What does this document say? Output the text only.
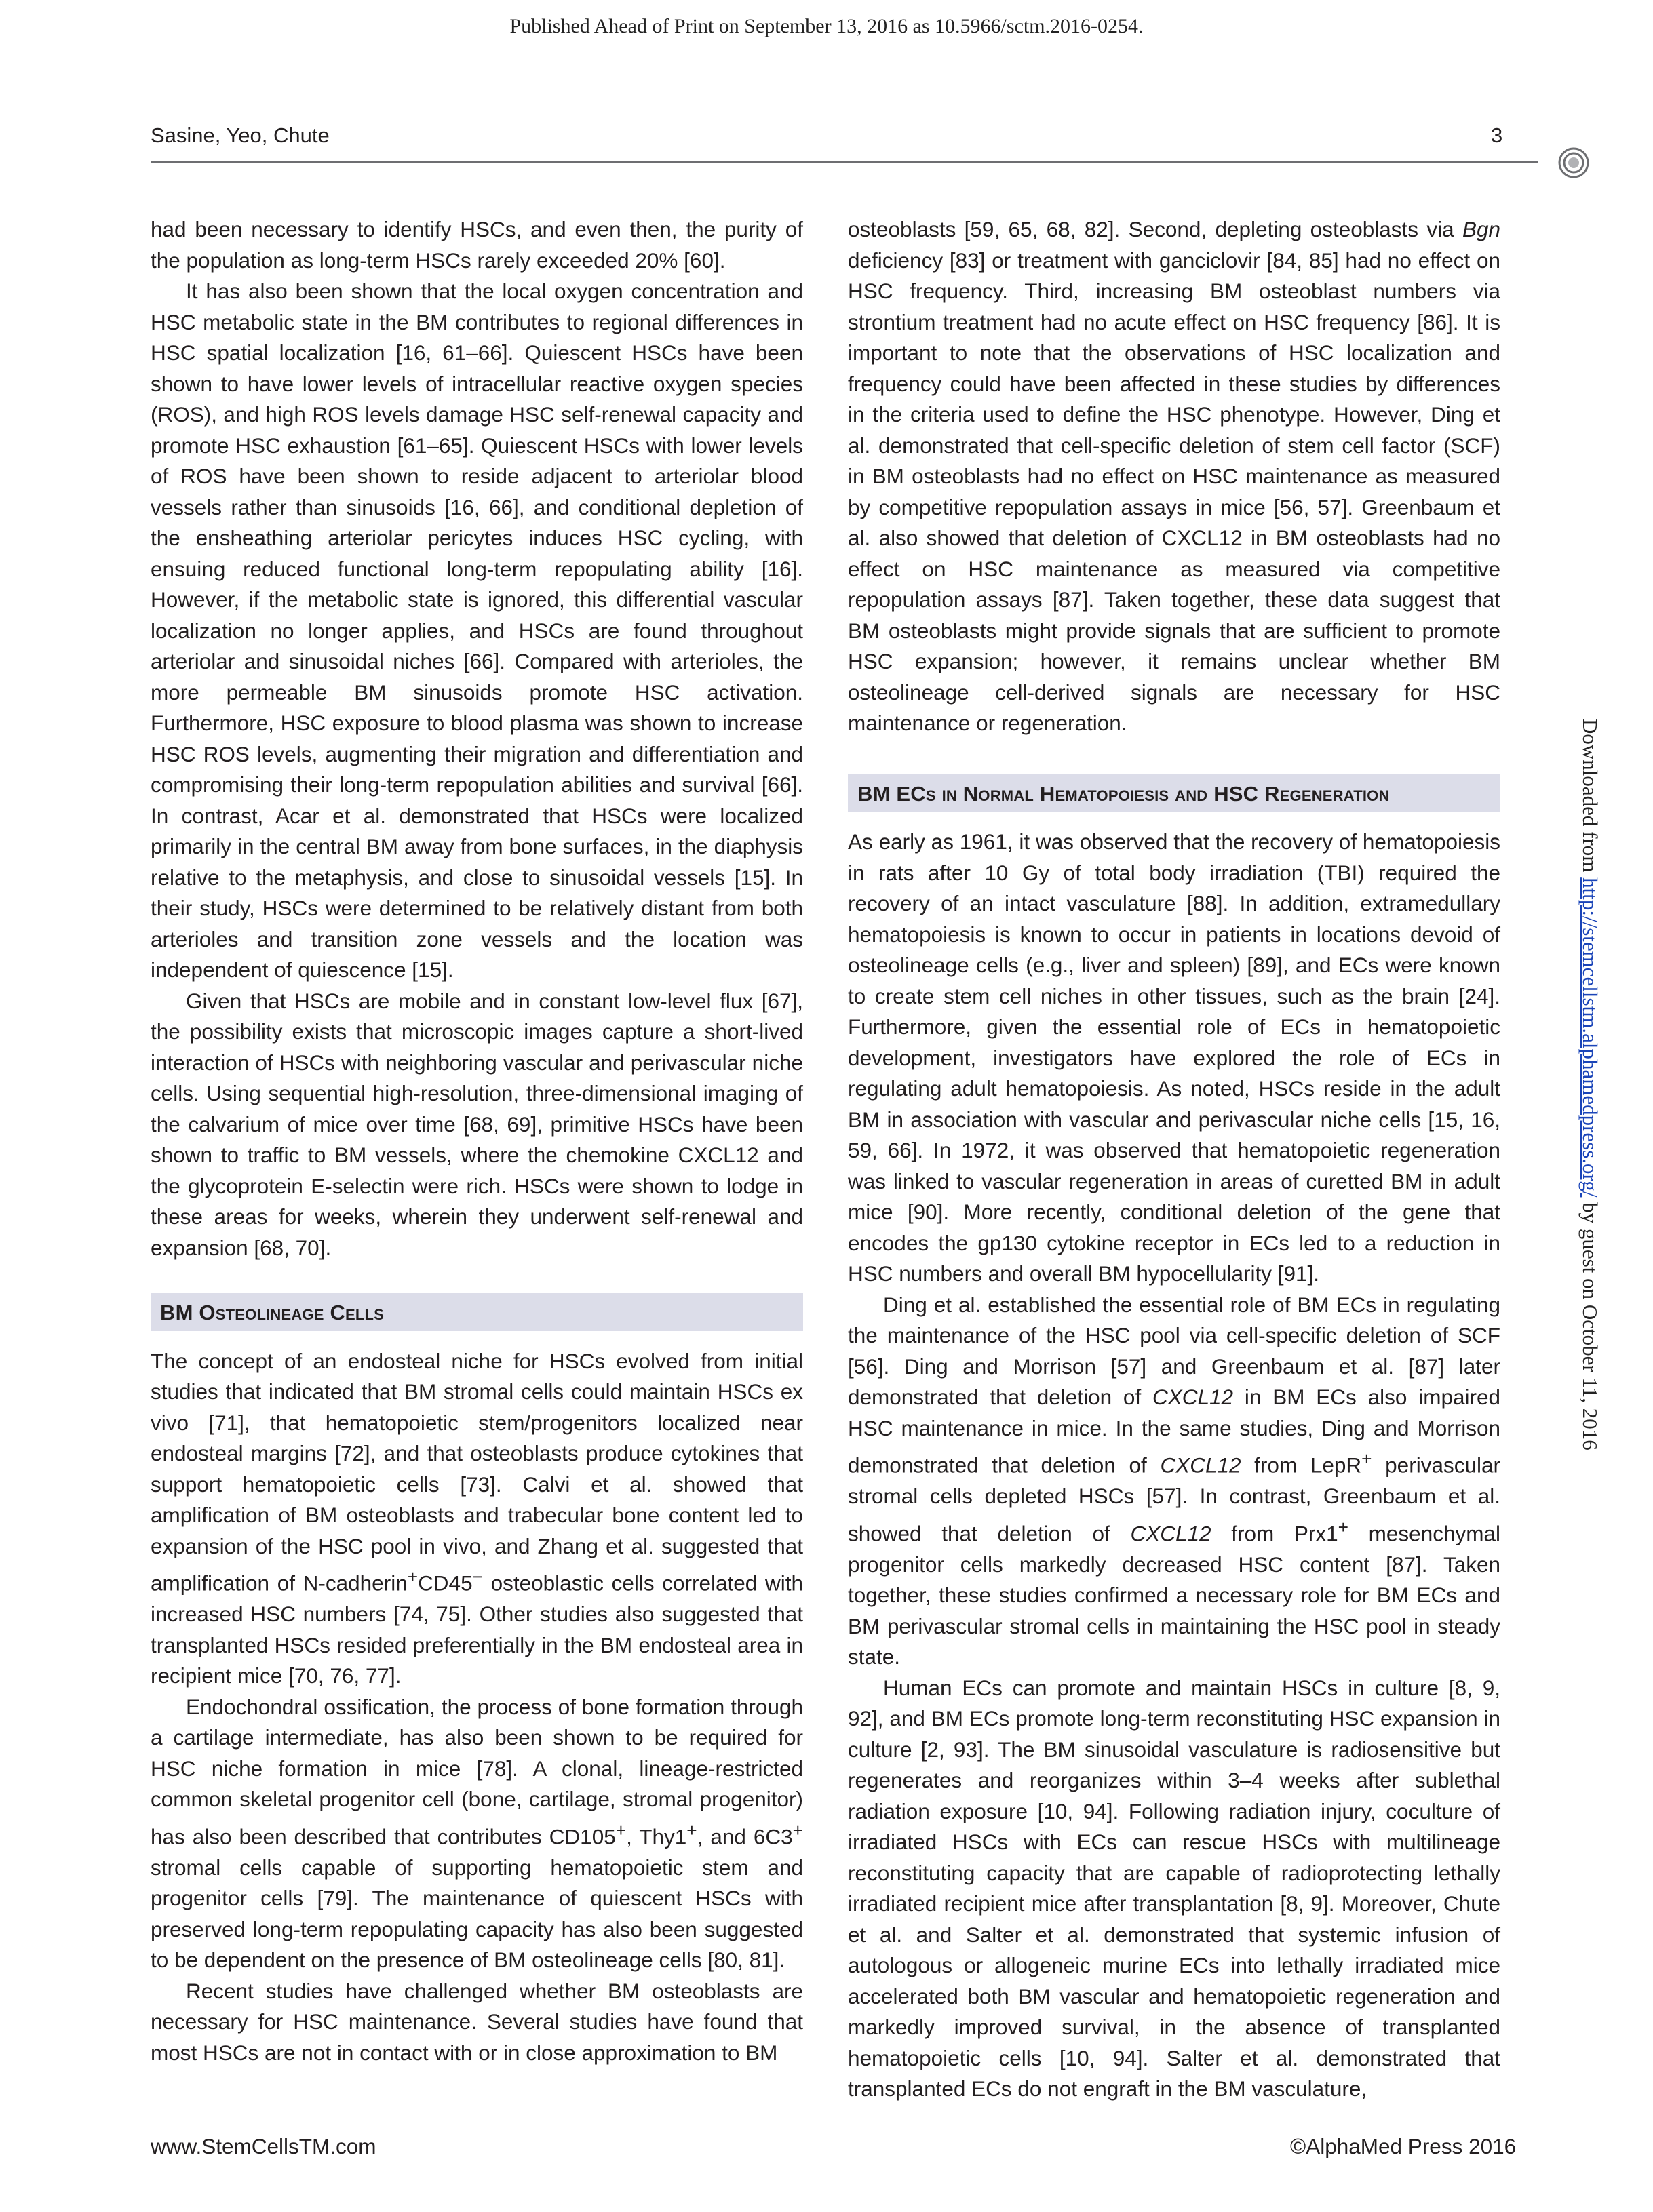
Published Ahead of Print on September 13, 2016 as 10.5966/sctm.2016-0254.
Sasine, Yeo, Chute	3

had been necessary to identify HSCs, and even then, the purity of the population as long-term HSCs rarely exceeded 20% [60].

It has also been shown that the local oxygen concentration and HSC metabolic state in the BM contributes to regional differences in HSC spatial localization [16, 61–66]. Quiescent HSCs have been shown to have lower levels of intracellular reactive oxygen species (ROS), and high ROS levels damage HSC self-renewal capacity and promote HSC exhaustion [61–65]. Quiescent HSCs with lower levels of ROS have been shown to reside adjacent to arteriolar blood vessels rather than sinusoids [16, 66], and conditional depletion of the ensheathing arteriolar pericytes induces HSC cycling, with ensuing reduced functional long-term repopulating ability [16]. However, if the metabolic state is ignored, this differential vascular localization no longer applies, and HSCs are found throughout arteriolar and sinusoidal niches [66]. Compared with arterioles, the more permeable BM sinusoids promote HSC activation. Furthermore, HSC exposure to blood plasma was shown to increase HSC ROS levels, augmenting their migration and differentiation and compromising their long-term repopulation abilities and survival [66]. In contrast, Acar et al. demonstrated that HSCs were localized primarily in the central BM away from bone surfaces, in the diaphysis relative to the metaphysis, and close to sinusoidal vessels [15]. In their study, HSCs were determined to be relatively distant from both arterioles and transition zone vessels and the location was independent of quiescence [15].

Given that HSCs are mobile and in constant low-level flux [67], the possibility exists that microscopic images capture a short-lived interaction of HSCs with neighboring vascular and perivascular niche cells. Using sequential high-resolution, three-dimensional imaging of the calvarium of mice over time [68, 69], primitive HSCs have been shown to traffic to BM vessels, where the chemokine CXCL12 and the glycoprotein E-selectin were rich. HSCs were shown to lodge in these areas for weeks, wherein they underwent self-renewal and expansion [68, 70].

BM Osteolineage Cells

The concept of an endosteal niche for HSCs evolved from initial studies that indicated that BM stromal cells could maintain HSCs ex vivo [71], that hematopoietic stem/progenitors localized near endosteal margins [72], and that osteoblasts produce cytokines that support hematopoietic cells [73]. Calvi et al. showed that amplification of BM osteoblasts and trabecular bone content led to expansion of the HSC pool in vivo, and Zhang et al. suggested that amplification of N-cadherin+CD45− osteoblastic cells correlated with increased HSC numbers [74, 75]. Other studies also suggested that transplanted HSCs resided preferentially in the BM endosteal area in recipient mice [70, 76, 77].

Endochondral ossification, the process of bone formation through a cartilage intermediate, has also been shown to be required for HSC niche formation in mice [78]. A clonal, lineage-restricted common skeletal progenitor cell (bone, cartilage, stromal progenitor) has also been described that contributes CD105+, Thy1+, and 6C3+ stromal cells capable of supporting hematopoietic stem and progenitor cells [79]. The maintenance of quiescent HSCs with preserved long-term repopulating capacity has also been suggested to be dependent on the presence of BM osteolineage cells [80, 81].

Recent studies have challenged whether BM osteoblasts are necessary for HSC maintenance. Several studies have found that most HSCs are not in contact with or in close approximation to BM

osteoblasts [59, 65, 68, 82]. Second, depleting osteoblasts via Bgn deficiency [83] or treatment with ganciclovir [84, 85] had no effect on HSC frequency. Third, increasing BM osteoblast numbers via strontium treatment had no acute effect on HSC frequency [86]. It is important to note that the observations of HSC localization and frequency could have been affected in these studies by differences in the criteria used to define the HSC phenotype. However, Ding et al. demonstrated that cell-specific deletion of stem cell factor (SCF) in BM osteoblasts had no effect on HSC maintenance as measured by competitive repopulation assays in mice [56, 57]. Greenbaum et al. also showed that deletion of CXCL12 in BM osteoblasts had no effect on HSC maintenance as measured via competitive repopulation assays [87]. Taken together, these data suggest that BM osteoblasts might provide signals that are sufficient to promote HSC expansion; however, it remains unclear whether BM osteolineage cell-derived signals are necessary for HSC maintenance or regeneration.

BM ECs in Normal Hematopoiesis and HSC Regeneration

As early as 1961, it was observed that the recovery of hematopoiesis in rats after 10 Gy of total body irradiation (TBI) required the recovery of an intact vasculature [88]. In addition, extramedullary hematopoiesis is known to occur in patients in locations devoid of osteolineage cells (e.g., liver and spleen) [89], and ECs were known to create stem cell niches in other tissues, such as the brain [24]. Furthermore, given the essential role of ECs in hematopoietic development, investigators have explored the role of ECs in regulating adult hematopoiesis. As noted, HSCs reside in the adult BM in association with vascular and perivascular niche cells [15, 16, 59, 66]. In 1972, it was observed that hematopoietic regeneration was linked to vascular regeneration in areas of curetted BM in adult mice [90]. More recently, conditional deletion of the gene that encodes the gp130 cytokine receptor in ECs led to a reduction in HSC numbers and overall BM hypocellularity [91].

Ding et al. established the essential role of BM ECs in regulating the maintenance of the HSC pool via cell-specific deletion of SCF [56]. Ding and Morrison [57] and Greenbaum et al. [87] later demonstrated that deletion of CXCL12 in BM ECs also impaired HSC maintenance in mice. In the same studies, Ding and Morrison demonstrated that deletion of CXCL12 from LepR+ perivascular stromal cells depleted HSCs [57]. In contrast, Greenbaum et al. showed that deletion of CXCL12 from Prx1+ mesenchymal progenitor cells markedly decreased HSC content [87]. Taken together, these studies confirmed a necessary role for BM ECs and BM perivascular stromal cells in maintaining the HSC pool in steady state.

Human ECs can promote and maintain HSCs in culture [8, 9, 92], and BM ECs promote long-term reconstituting HSC expansion in culture [2, 93]. The BM sinusoidal vasculature is radiosensitive but regenerates and reorganizes within 3–4 weeks after sublethal radiation exposure [10, 94]. Following radiation injury, coculture of irradiated HSCs with ECs can rescue HSCs with multilineage reconstituting capacity that are capable of radioprotecting lethally irradiated recipient mice after transplantation [8, 9]. Moreover, Chute et al. and Salter et al. demonstrated that systemic infusion of autologous or allogeneic murine ECs into lethally irradiated mice accelerated both BM vascular and hematopoietic regeneration and markedly improved survival, in the absence of transplanted hematopoietic cells [10, 94]. Salter et al. demonstrated that transplanted ECs do not engraft in the BM vasculature,

Downloaded from http://stemcellstm.alphamedpress.org/ by guest on October 11, 2016
www.StemCellsTM.com	©AlphaMed Press 2016
